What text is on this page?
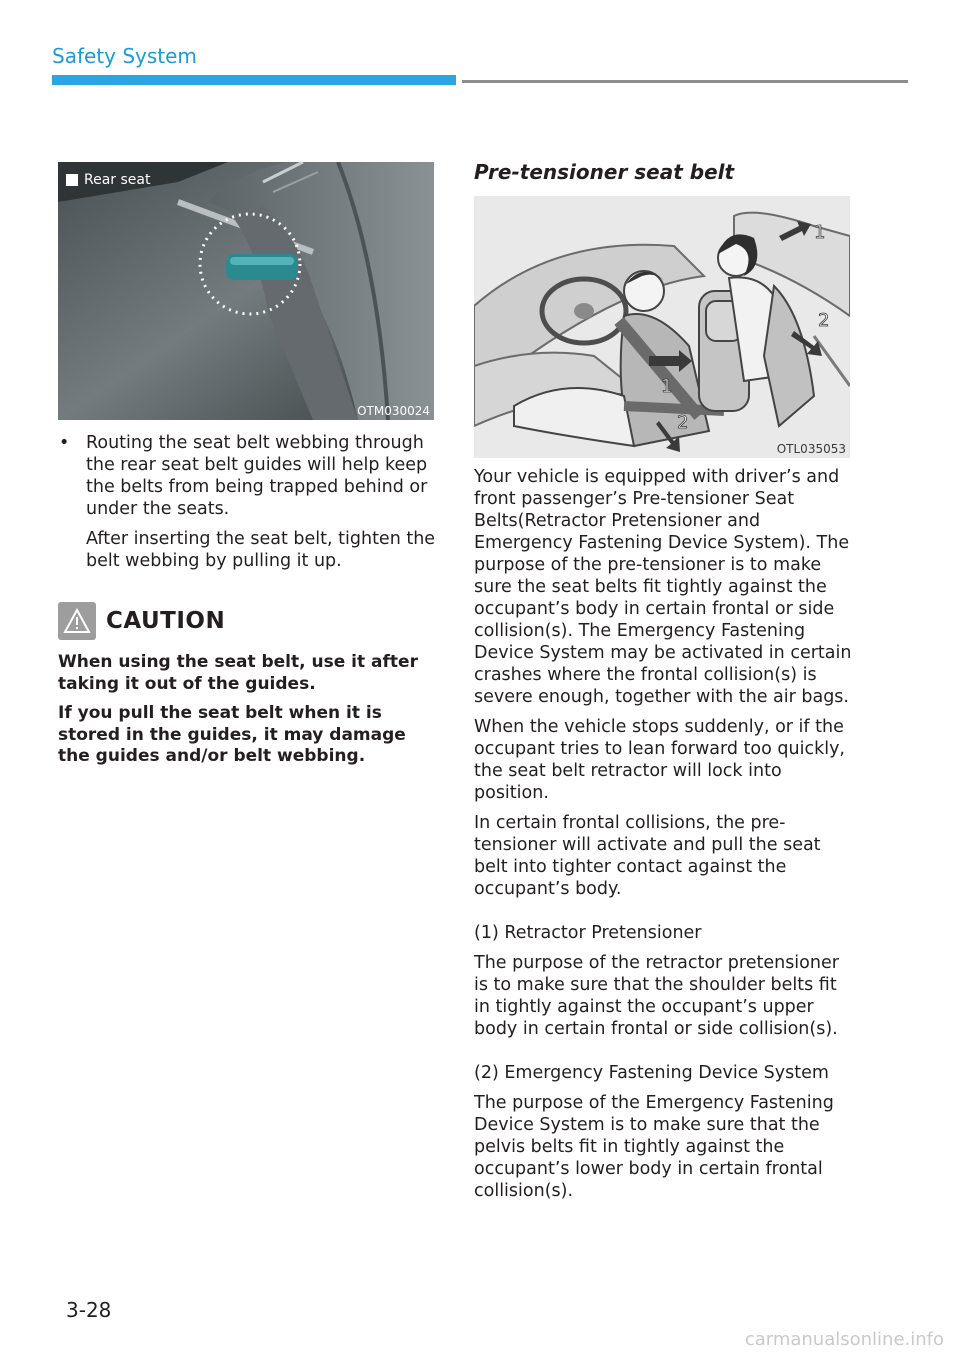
Safety System
Rear seat
OTM030024
• Routing the seat belt webbing through the rear seat belt guides will help keep the belts from being trapped behind or under the seats.

After inserting the seat belt, tighten the belt webbing by pulling it up.

CAUTION

When using the seat belt, use it after taking it out of the guides.

If you pull the seat belt when it is stored in the guides, it may damage the guides and/or belt webbing.

Pre-tensioner seat belt
1
2
1
2
OTL035053

Your vehicle is equipped with driver’s and front passenger’s Pre-tensioner Seat Belts(Retractor Pretensioner and Emergency Fastening Device System). The purpose of the pre-tensioner is to make sure the seat belts fit tightly against the occupant’s body in certain frontal or side collision(s). The Emergency Fastening Device System may be activated in certain crashes where the frontal collision(s) is severe enough, together with the air bags.

When the vehicle stops suddenly, or if the occupant tries to lean forward too quickly, the seat belt retractor will lock into position.

In certain frontal collisions, the pre-tensioner will activate and pull the seat belt into tighter contact against the occupant’s body.

(1) Retractor Pretensioner

The purpose of the retractor pretensioner is to make sure that the shoulder belts fit in tightly against the occupant’s upper body in certain frontal or side collision(s).

(2) Emergency Fastening Device System

The purpose of the Emergency Fastening Device System is to make sure that the pelvis belts fit in tightly against the occupant’s lower body in certain frontal collision(s).

3-28
carmanualsonline.info
